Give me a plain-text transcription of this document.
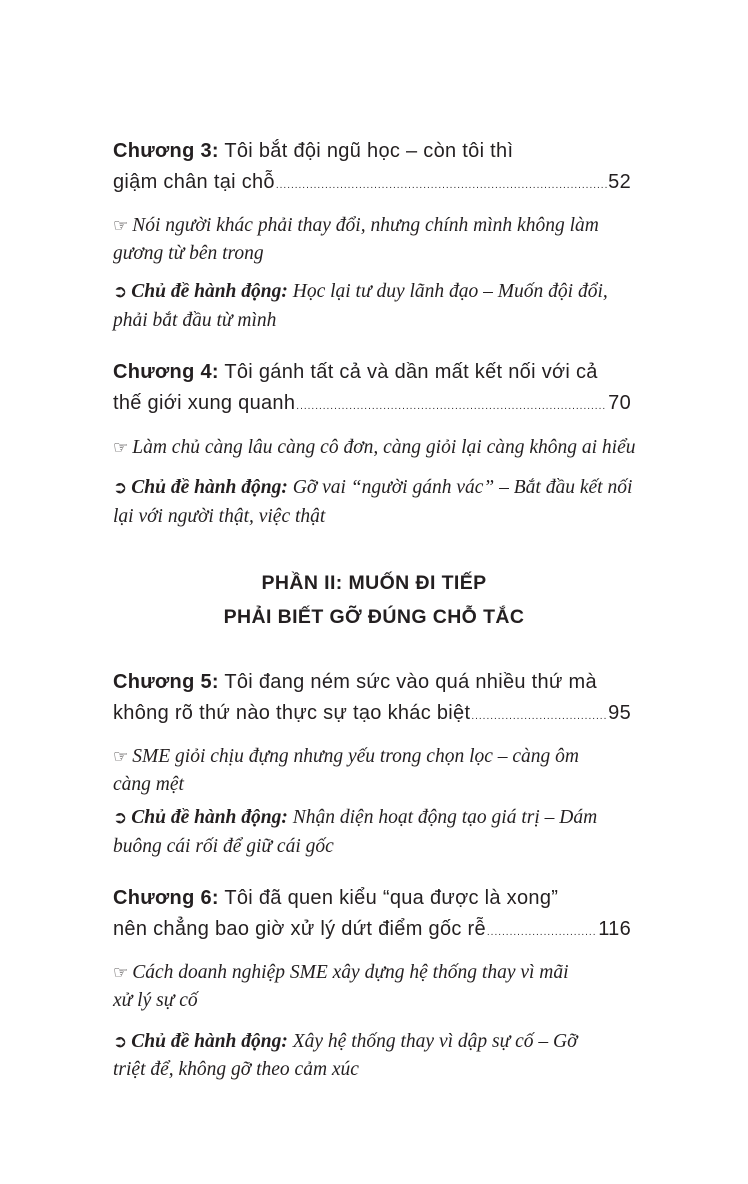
Chương 3: Tôi bắt đội ngũ học – còn tôi thì
giậm chân tại chỗ .....	52
☞ Nói người khác phải thay đổi, nhưng chính mình không làm
gương từ bên trong
➲ Chủ đề hành động: Học lại tư duy lãnh đạo – Muốn đội đổi,
phải bắt đầu từ mình
Chương 4: Tôi gánh tất cả và dần mất kết nối với cả
thế giới xung quanh .....	70
☞ Làm chủ càng lâu càng cô đơn, càng giỏi lại càng không ai hiểu
➲ Chủ đề hành động: Gỡ vai “người gánh vác” – Bắt đầu kết nối
lại với người thật, việc thật
PHẦN II: MUỐN ĐI TIẾP
PHẢI BIẾT GỠ ĐÚNG CHỖ TẮC
Chương 5: Tôi đang ném sức vào quá nhiều thứ mà
không rõ thứ nào thực sự tạo khác biệt .....	95
☞ SME giỏi chịu đựng nhưng yếu trong chọn lọc – càng ôm
càng mệt
➲ Chủ đề hành động: Nhận diện hoạt động tạo giá trị – Dám
buông cái rối để giữ cái gốc
Chương 6: Tôi đã quen kiểu “qua được là xong”
nên chẳng bao giờ xử lý dứt điểm gốc rễ .....	116
☞ Cách doanh nghiệp SME xây dựng hệ thống thay vì mãi
xử lý sự cố
➲ Chủ đề hành động: Xây hệ thống thay vì dập sự cố – Gỡ
triệt để, không gỡ theo cảm xúc
